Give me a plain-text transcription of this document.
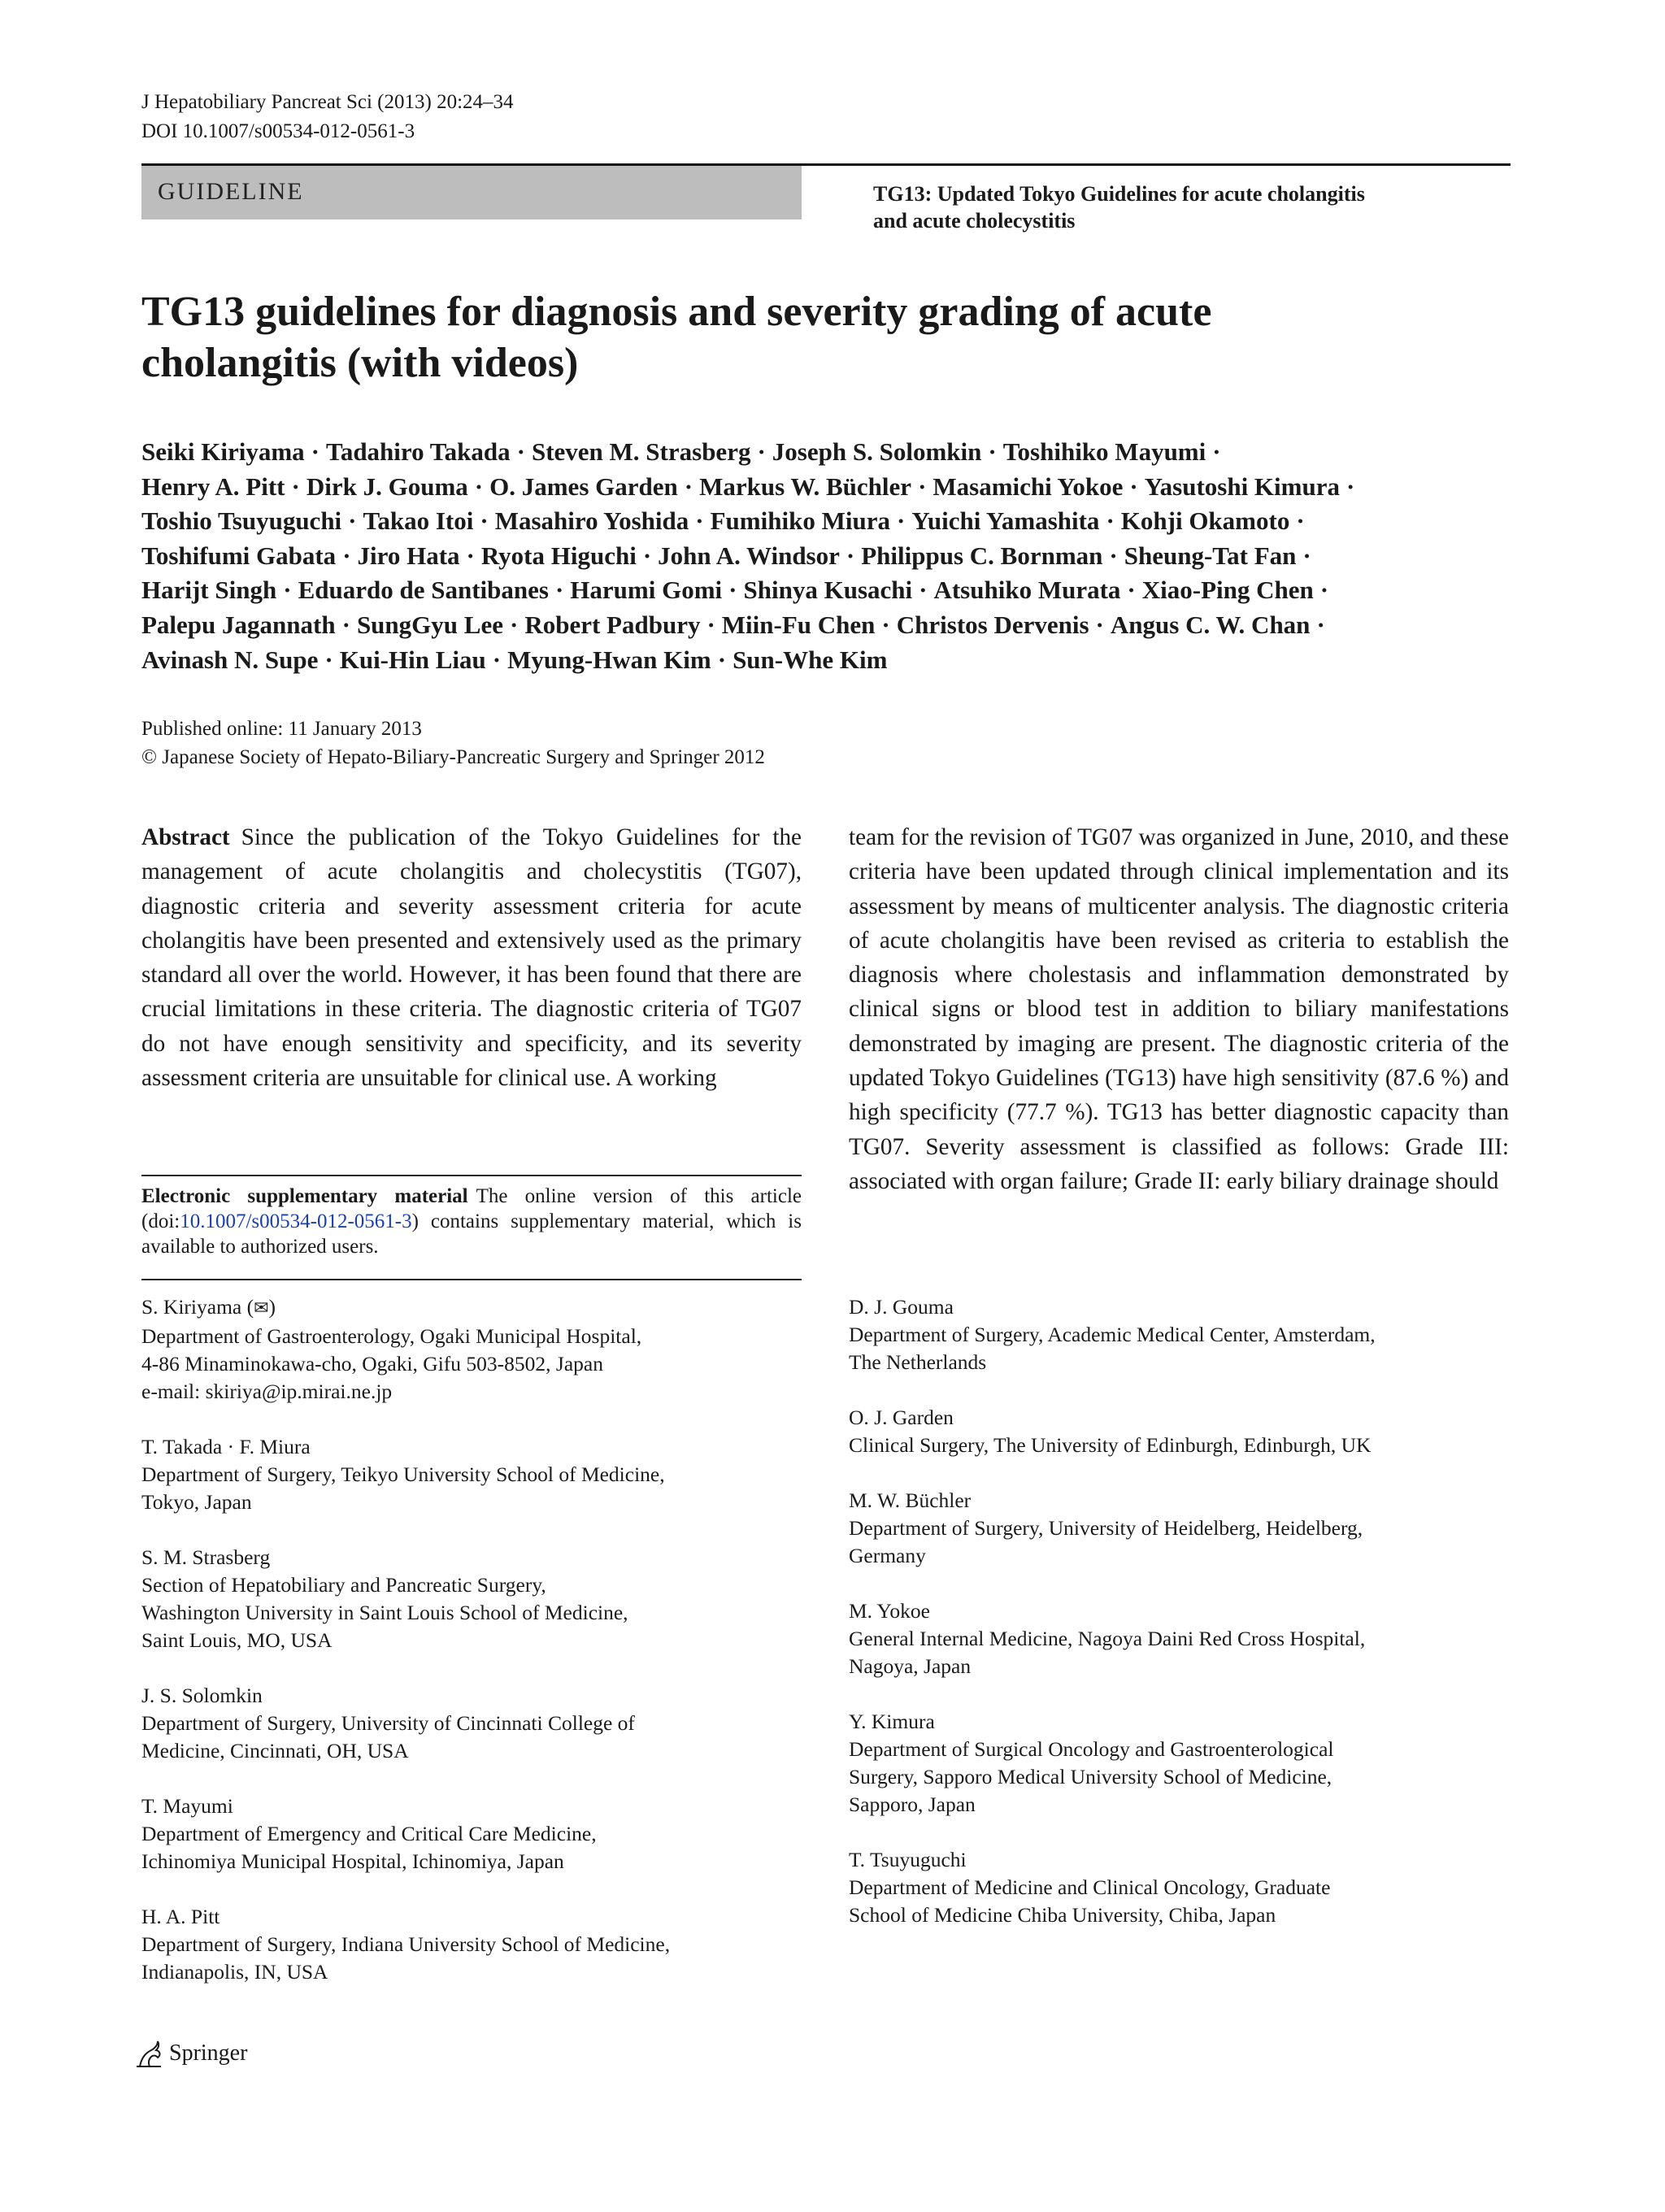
J Hepatobiliary Pancreat Sci (2013) 20:24–34
DOI 10.1007/s00534-012-0561-3
GUIDELINE	TG13: Updated Tokyo Guidelines for acute cholangitis
and acute cholecystitis
TG13 guidelines for diagnosis and severity grading of acute
cholangitis (with videos)
Seiki Kiriyama · Tadahiro Takada · Steven M. Strasberg · Joseph S. Solomkin · Toshihiko Mayumi ·
Henry A. Pitt · Dirk J. Gouma · O. James Garden · Markus W. Büchler · Masamichi Yokoe · Yasutoshi Kimura ·
Toshio Tsuyuguchi · Takao Itoi · Masahiro Yoshida · Fumihiko Miura · Yuichi Yamashita · Kohji Okamoto ·
Toshifumi Gabata · Jiro Hata · Ryota Higuchi · John A. Windsor · Philippus C. Bornman · Sheung-Tat Fan ·
Harijt Singh · Eduardo de Santibanes · Harumi Gomi · Shinya Kusachi · Atsuhiko Murata · Xiao-Ping Chen ·
Palepu Jagannath · SungGyu Lee · Robert Padbury · Miin-Fu Chen · Christos Dervenis · Angus C. W. Chan ·
Avinash N. Supe · Kui-Hin Liau · Myung-Hwan Kim · Sun-Whe Kim
Published online: 11 January 2013
© Japanese Society of Hepato-Biliary-Pancreatic Surgery and Springer 2012
Abstract Since the publication of the Tokyo Guidelines for the management of acute cholangitis and cholecystitis (TG07), diagnostic criteria and severity assessment criteria for acute cholangitis have been presented and extensively used as the primary standard all over the world. However, it has been found that there are crucial limitations in these criteria. The diagnostic criteria of TG07 do not have enough sensitivity and specificity, and its severity assessment criteria are unsuitable for clinical use. A working
team for the revision of TG07 was organized in June, 2010, and these criteria have been updated through clinical implementation and its assessment by means of multicenter analysis. The diagnostic criteria of acute cholangitis have been revised as criteria to establish the diagnosis where cholestasis and inflammation demonstrated by clinical signs or blood test in addition to biliary manifestations demonstrated by imaging are present. The diagnostic criteria of the updated Tokyo Guidelines (TG13) have high sensitivity (87.6 %) and high specificity (77.7 %). TG13 has better diagnostic capacity than TG07. Severity assessment is classified as follows: Grade III: associated with organ failure; Grade II: early biliary drainage should
Electronic supplementary material The online version of this article (doi:10.1007/s00534-012-0561-3) contains supplementary material, which is available to authorized users.
S. Kiriyama (✉)
Department of Gastroenterology, Ogaki Municipal Hospital,
4-86 Minaminokawa-cho, Ogaki, Gifu 503-8502, Japan
e-mail: skiriya@ip.mirai.ne.jp
T. Takada · F. Miura
Department of Surgery, Teikyo University School of Medicine,
Tokyo, Japan
S. M. Strasberg
Section of Hepatobiliary and Pancreatic Surgery,
Washington University in Saint Louis School of Medicine,
Saint Louis, MO, USA
J. S. Solomkin
Department of Surgery, University of Cincinnati College of
Medicine, Cincinnati, OH, USA
T. Mayumi
Department of Emergency and Critical Care Medicine,
Ichinomiya Municipal Hospital, Ichinomiya, Japan
H. A. Pitt
Department of Surgery, Indiana University School of Medicine,
Indianapolis, IN, USA
D. J. Gouma
Department of Surgery, Academic Medical Center, Amsterdam,
The Netherlands
O. J. Garden
Clinical Surgery, The University of Edinburgh, Edinburgh, UK
M. W. Büchler
Department of Surgery, University of Heidelberg, Heidelberg,
Germany
M. Yokoe
General Internal Medicine, Nagoya Daini Red Cross Hospital,
Nagoya, Japan
Y. Kimura
Department of Surgical Oncology and Gastroenterological
Surgery, Sapporo Medical University School of Medicine,
Sapporo, Japan
T. Tsuyuguchi
Department of Medicine and Clinical Oncology, Graduate
School of Medicine Chiba University, Chiba, Japan
Springer
